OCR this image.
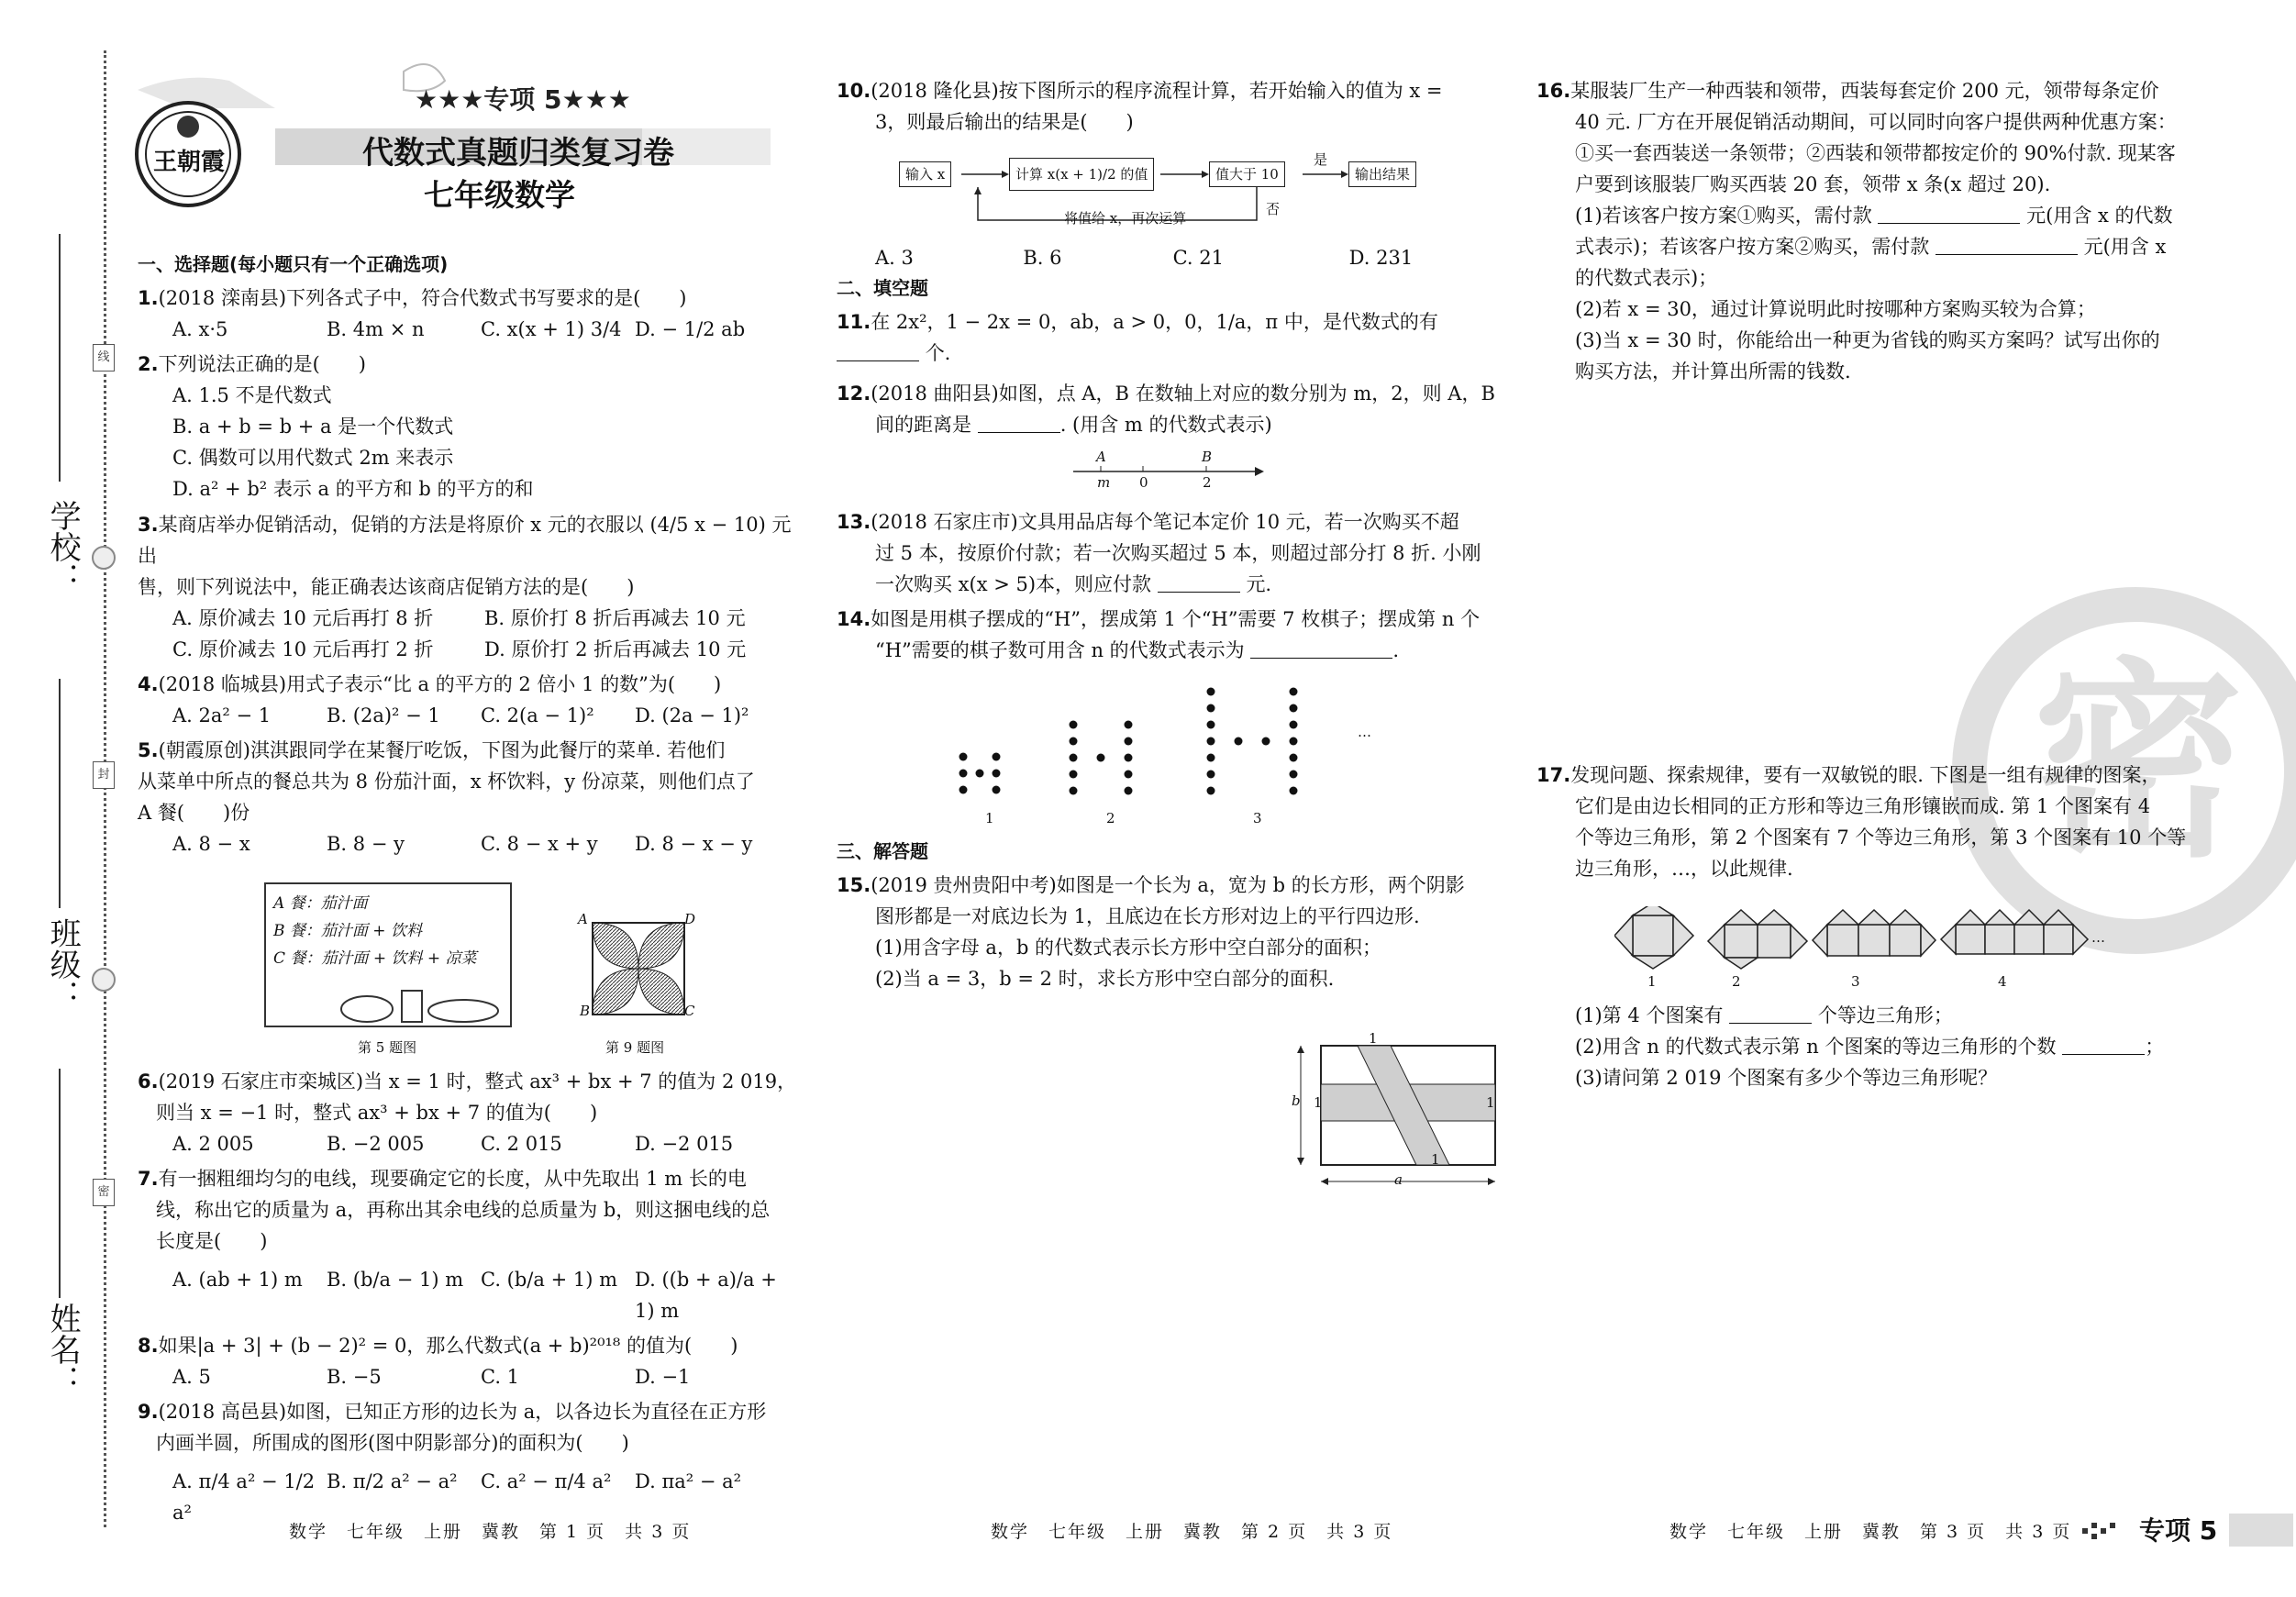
学校：
班级：
姓名：
线
封
密
王朝霞
★★★专项 5★★★
代数式真题归类复习卷
七年级数学

一、选择题(每小题只有一个正确选项)

1.(2018 滦南县)下列各式子中，符合代数式书写要求的是(　　)

A. x·5	B. 4m × n	C. x(x + 1) 3/4 D. − 1/2 ab

2.下列说法正确的是(　　)

A. 1.5 不是代数式

B. a + b = b + a 是一个代数式

C. 偶数可以用代数式 2m 来表示

D. a² + b² 表示 a 的平方和 b 的平方的和

3.某商店举办促销活动，促销的方法是将原价 x 元的衣服以 (4/5 x − 10) 元出

售，则下列说法中，能正确表达该商店促销方法的是(　　)

A. 原价减去 10 元后再打 8 折	B. 原价打 8 折后再减去 10 元
C. 原价减去 10 元后再打 2 折	D. 原价打 2 折后再减去 10 元

4.(2018 临城县)用式子表示“比 a 的平方的 2 倍小 1 的数”为(　　)

A. 2a² − 1	B. (2a)² − 1	C. 2(a − 1)²	D. (2a − 1)²

5.(朝霞原创)淇淇跟同学在某餐厅吃饭，下图为此餐厅的菜单. 若他们

从菜单中所点的餐总共为 8 份茄汁面，x 杯饮料，y 份凉菜，则他们点了

A 餐(　　)份

A. 8 − x	B. 8 − y	C. 8 − x + y	D. 8 − x − y

A 餐：茄汁面

B 餐：茄汁面 + 饮料

C 餐：茄汁面 + 饮料 + 凉菜

第 5 题图
A	D
B	C
第 9 题图

6.(2019 石家庄市栾城区)当 x = 1 时，整式 ax³ + bx + 7 的值为 2 019，

则当 x = −1 时，整式 ax³ + bx + 7 的值为(　　)

A. 2 005	B. −2 005	C. 2 015	D. −2 015

7.有一捆粗细均匀的电线，现要确定它的长度，从中先取出 1 m 长的电

线，称出它的质量为 a，再称出其余电线的总质量为 b，则这捆电线的总

长度是(　　)

A. (ab + 1) m	B. (b/a − 1) m C. (b/a + 1) m D. ((b + a)/a + 1) m

8.如果|a + 3| + (b − 2)² = 0，那么代数式(a + b)²⁰¹⁸ 的值为(　　)

A. 5	B. −5	C. 1	D. −1

9.(2018 高邑县)如图，已知正方形的边长为 a，以各边长为直径在正方形

内画半圆，所围成的图形(图中阴影部分)的面积为(　　)

A. π/4 a² − 1/2 a²
B. π/2 a² − a²	C. a² − π/4 a²	D. πa² − a²
数学　七年级　上册　冀教　第 1 页　共 3 页

10.(2018 隆化县)按下图所示的程序流程计算，若开始输入的值为 x =

3，则最后输出的结果是(　　)

输入 x	计算 x(x + 1)/2 的值	值大于 10
是
输出结果
否
将值给 x，再次运算
A. 3	B. 6	C. 21	D. 231

二、填空题

11.在 2x²，1 − 2x = 0，ab，a > 0，0，1/a，π 中，是代数式的有  个.

12.(2018 曲阳县)如图，点 A，B 在数轴上对应的数分别为 m，2，则 A，B

间的距离是	. (用含 m 的代数式表示)

A	B
m 0	2

13.(2018 石家庄市)文具用品店每个笔记本定价 10 元，若一次购买不超

过 5 本，按原价付款；若一次购买超过 5 本，则超过部分打 8 折. 小刚

一次购买 x(x > 5)本，则应付款	元.

14.如图是用棋子摆成的“H”，摆成第 1 个“H”需要 7 枚棋子；摆成第 n 个

“H”需要的棋子数可用含 n 的代数式表示为	.

1	2	3
…

三、解答题

15.(2019 贵州贵阳中考)如图是一个长为 a，宽为 b 的长方形，两个阴影

图形都是一对底边长为 1，且底边在长方形对边上的平行四边形.

(1)用含字母 a，b 的代数式表示长方形中空白部分的面积；

(2)当 a = 3，b = 2 时，求长方形中空白部分的面积.

b
a
1
1	1
1
数学　七年级　上册　冀教　第 2 页　共 3 页
密

16.某服装厂生产一种西装和领带，西装每套定价 200 元，领带每条定价

40 元. 厂方在开展促销活动期间，可以同时向客户提供两种优惠方案：

①买一套西装送一条领带；②西装和领带都按定价的 90%付款. 现某客

户要到该服装厂购买西装 20 套，领带 x 条(x 超过 20).

(1)若该客户按方案①购买，需付款	元(用含 x 的代数

式表示)；若该客户按方案②购买，需付款	元(用含 x

的代数式表示)；

(2)若 x = 30，通过计算说明此时按哪种方案购买较为合算；

(3)当 x = 30 时，你能给出一种更为省钱的购买方案吗？试写出你的

购买方法，并计算出所需的钱数.

17.发现问题、探索规律，要有一双敏锐的眼. 下图是一组有规律的图案，

它们是由边长相同的正方形和等边三角形镶嵌而成. 第 1 个图案有 4

个等边三角形，第 2 个图案有 7 个等边三角形，第 3 个图案有 10 个等

边三角形，…，以此规律.

1	2	3	4
…

(1)第 4 个图案有	个等边三角形；

(2)用含 n 的代数式表示第 n 个图案的等边三角形的个数	；

(3)请问第 2 019 个图案有多少个等边三角形呢？

数学　七年级　上册　冀教　第 3 页　共 3 页	专项 5
